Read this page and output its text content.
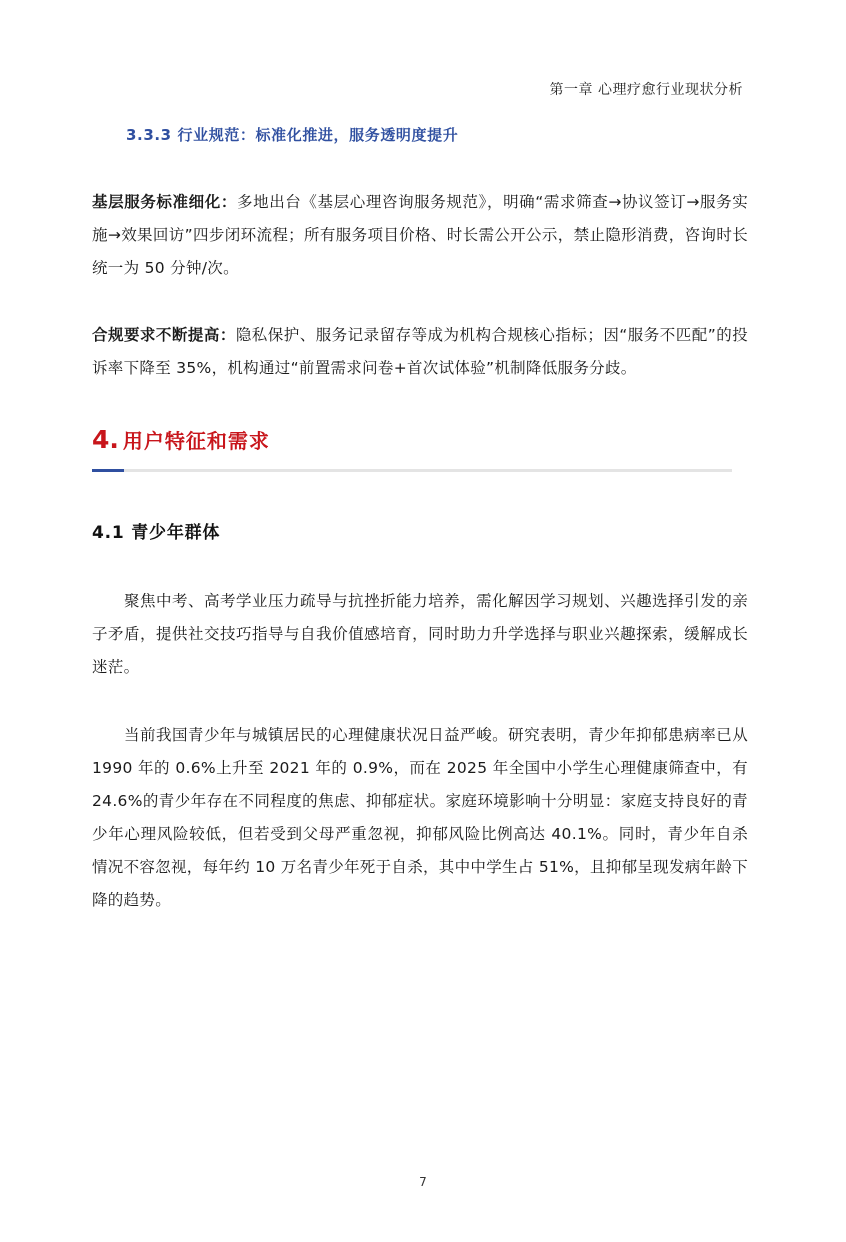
第一章 心理疗愈行业现状分析
3.3.3 行业规范：标准化推进，服务透明度提升

基层服务标准细化：多地出台《基层心理咨询服务规范》，明确“需求筛查→协议签订→服务实施→效果回访”四步闭环流程；所有服务项目价格、时长需公开公示，禁止隐形消费，咨询时长统一为 50 分钟/次。

合规要求不断提高：隐私保护、服务记录留存等成为机构合规核心指标；因“服务不匹配”的投诉率下降至 35%，机构通过“前置需求问卷+首次试体验”机制降低服务分歧。

4. 用户特征和需求
4.1 青少年群体

聚焦中考、高考学业压力疏导与抗挫折能力培养，需化解因学习规划、兴趣选择引发的亲子矛盾，提供社交技巧指导与自我价值感培育，同时助力升学选择与职业兴趣探索，缓解成长迷茫。

当前我国青少年与城镇居民的心理健康状况日益严峻。研究表明，青少年抑郁患病率已从 1990 年的 0.6%上升至 2021 年的 0.9%，而在 2025 年全国中小学生心理健康筛查中，有 24.6%的青少年存在不同程度的焦虑、抑郁症状。家庭环境影响十分明显：家庭支持良好的青少年心理风险较低，但若受到父母严重忽视，抑郁风险比例高达 40.1%。同时，青少年自杀情况不容忽视，每年约 10 万名青少年死于自杀，其中中学生占 51%，且抑郁呈现发病年龄下降的趋势。

7
